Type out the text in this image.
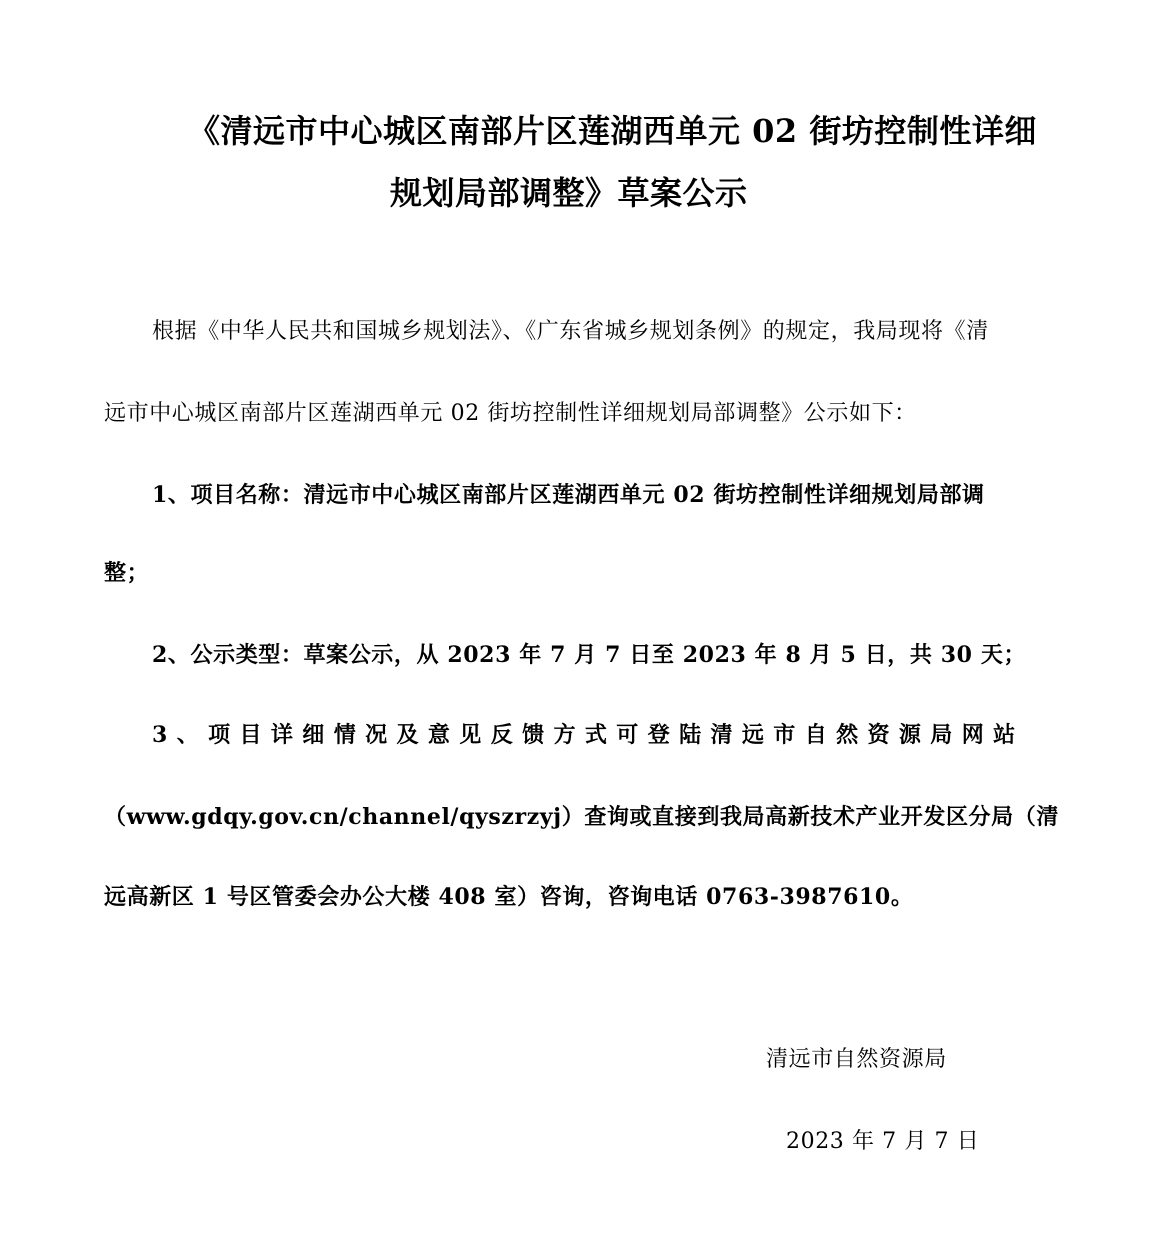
《清远市中心城区南部片区莲湖西单元 02 街坊控制性详细
规划局部调整》草案公示
根据《中华人民共和国城乡规划法》、《广东省城乡规划条例》的规定，我局现将《清
远市中心城区南部片区莲湖西单元 02 街坊控制性详细规划局部调整》公示如下：
1、项目名称：清远市中心城区南部片区莲湖西单元 02 街坊控制性详细规划局部调
整；
2、公示类型：草案公示，从 2023 年 7 月 7 日至 2023 年 8 月 5 日，共 30 天；
3、项目详细情况及意见反馈方式可登陆清远市自然资源局网站
（www.gdqy.gov.cn/channel/qyszrzyj）查询或直接到我局高新技术产业开发区分局（清
远高新区 1 号区管委会办公大楼 408 室）咨询，咨询电话 0763-3987610。
清远市自然资源局
2023 年 7 月 7 日
